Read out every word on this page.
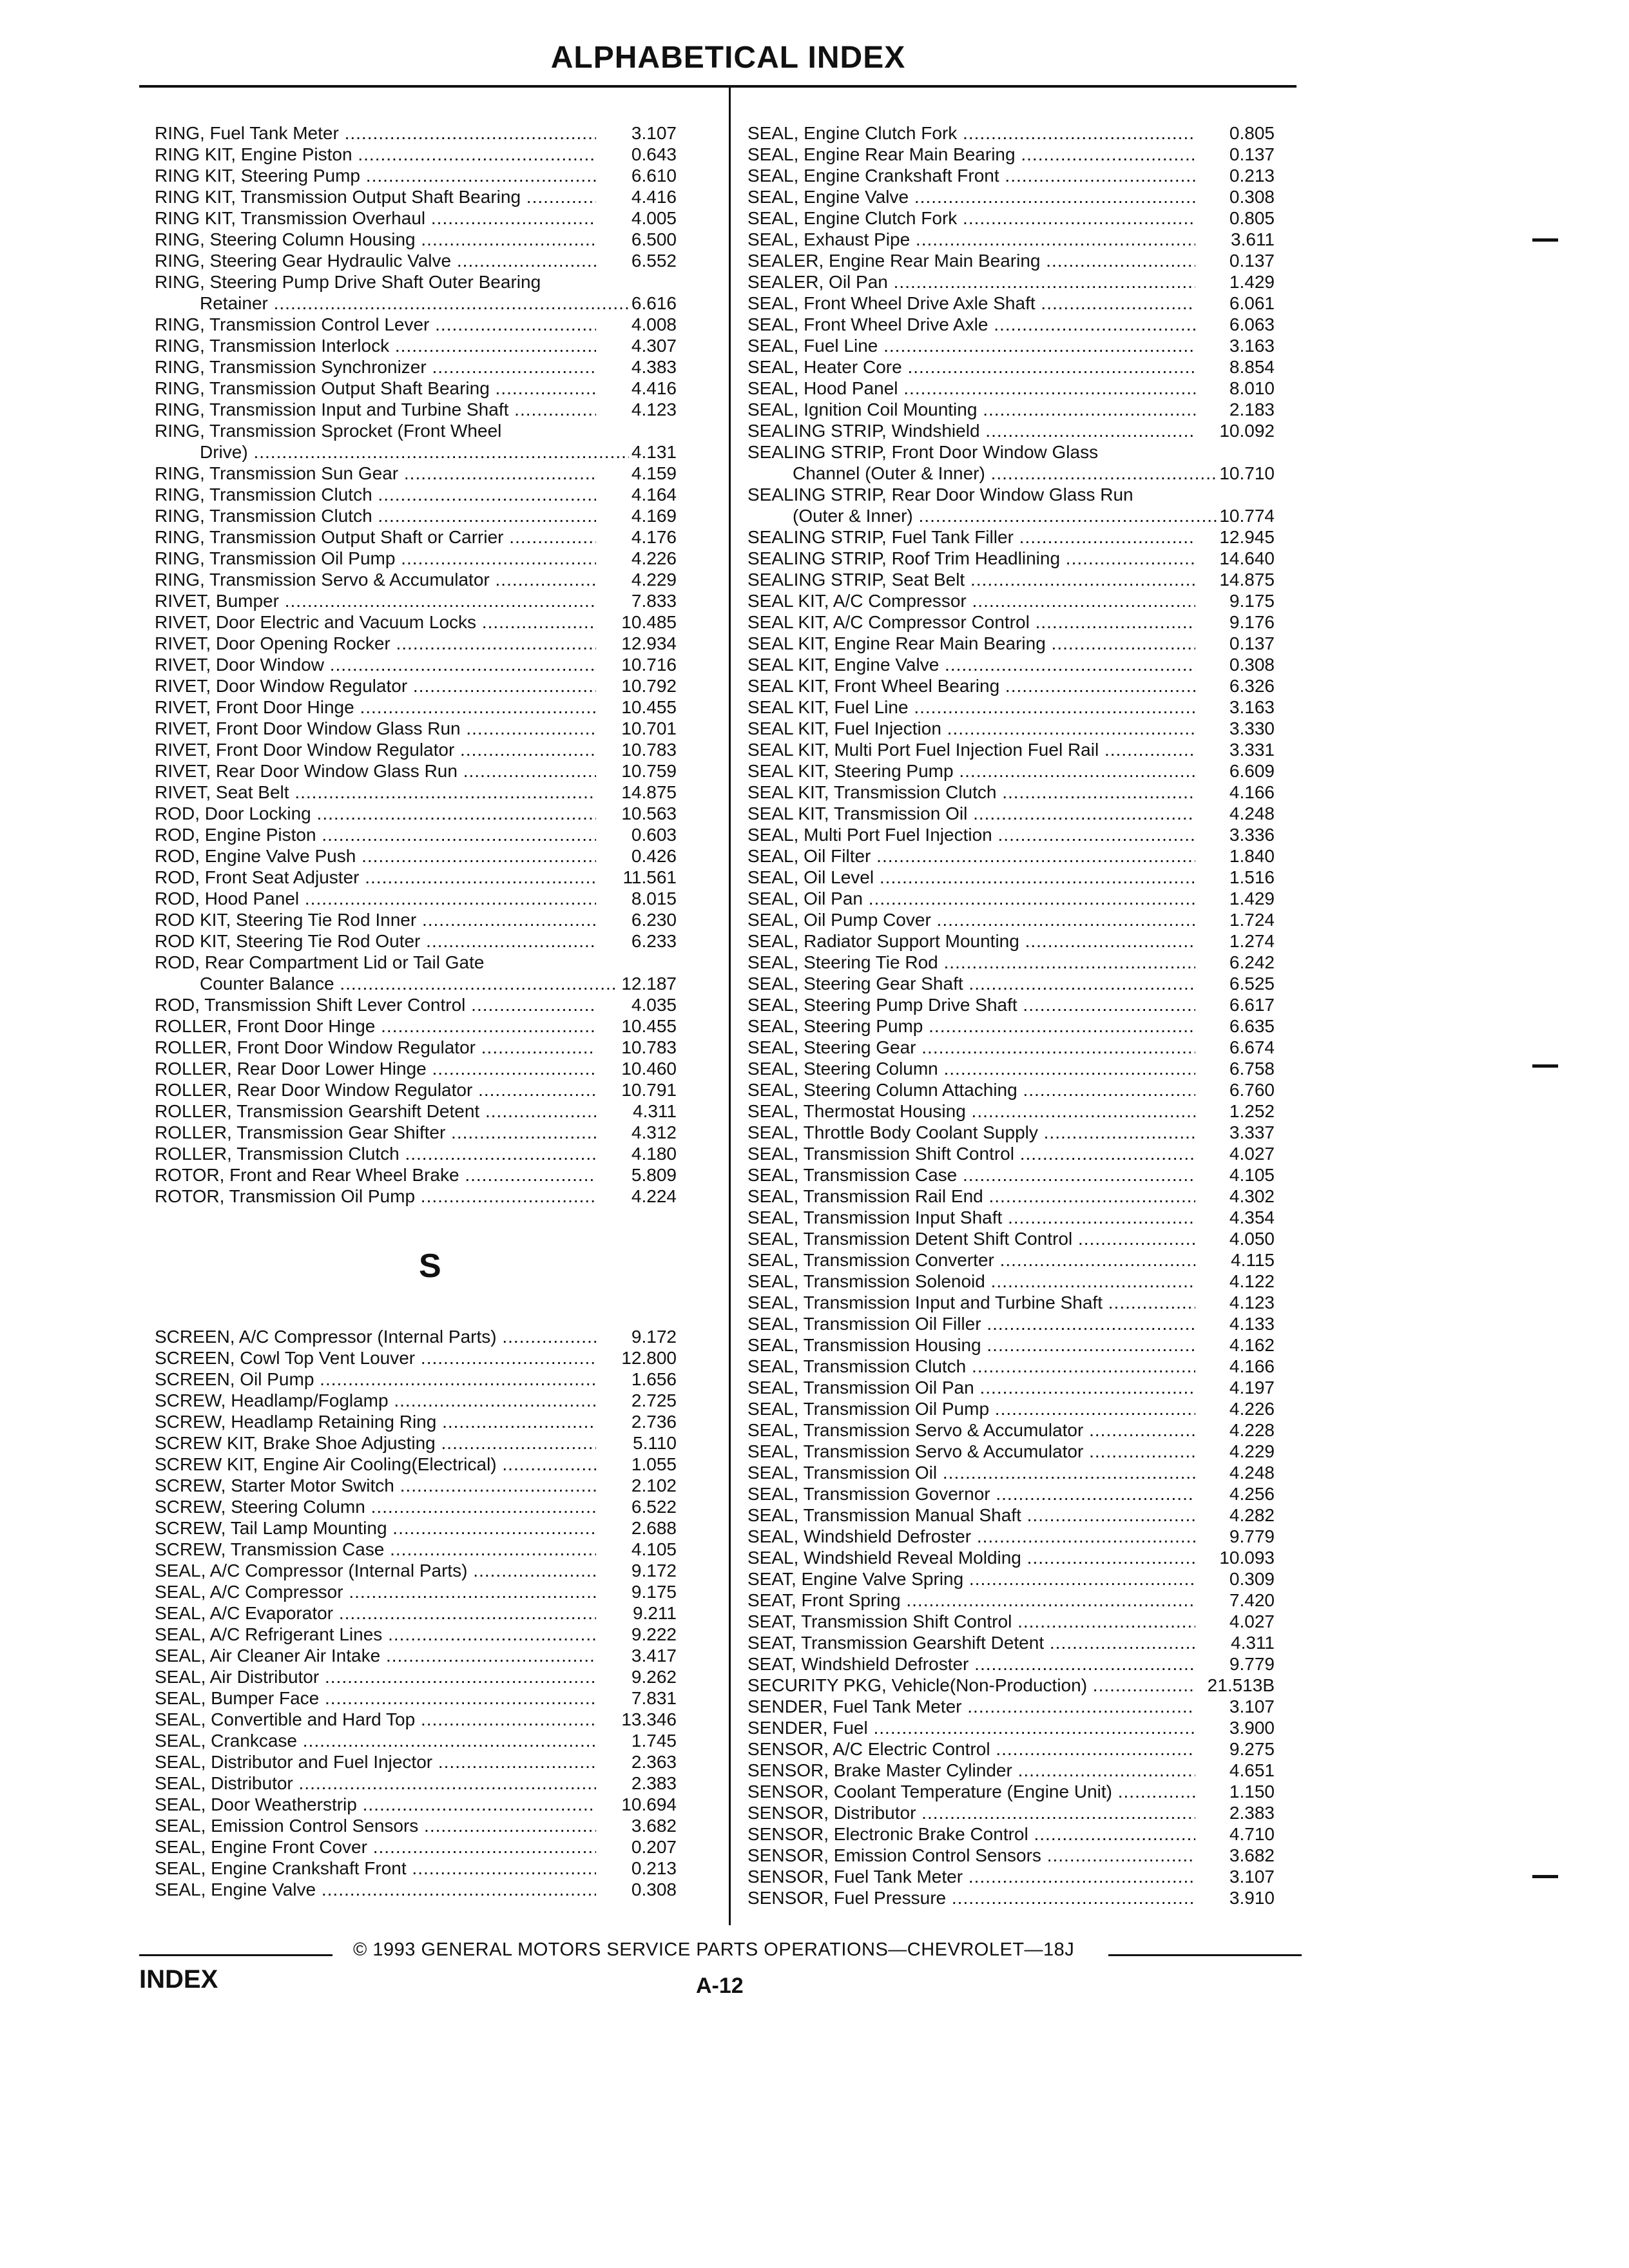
ALPHABETICAL INDEX
RING, Fuel Tank Meter .....	3.107
RING KIT, Engine Piston .....	0.643
RING KIT, Steering Pump .....	6.610
RING KIT, Transmission Output Shaft Bearing .....	4.416
RING KIT, Transmission Overhaul .....	4.005
RING, Steering Column Housing .....	6.500
RING, Steering Gear Hydraulic Valve .....	6.552
RING, Steering Pump Drive Shaft Outer Bearing
Retainer .....	6.616
RING, Transmission Control Lever .....	4.008
RING, Transmission Interlock .....	4.307
RING, Transmission Synchronizer .....	4.383
RING, Transmission Output Shaft Bearing .....	4.416
RING, Transmission Input and Turbine Shaft .....	4.123
RING, Transmission Sprocket (Front Wheel
Drive) .....	4.131
RING, Transmission Sun Gear .....	4.159
RING, Transmission Clutch .....	4.164
RING, Transmission Clutch .....	4.169
RING, Transmission Output Shaft or Carrier .....	4.176
RING, Transmission Oil Pump .....	4.226
RING, Transmission Servo & Accumulator .....	4.229
RIVET, Bumper .....	7.833
RIVET, Door Electric and Vacuum Locks .....	10.485
RIVET, Door Opening Rocker .....	12.934
RIVET, Door Window .....	10.716
RIVET, Door Window Regulator .....	10.792
RIVET, Front Door Hinge .....	10.455
RIVET, Front Door Window Glass Run .....	10.701
RIVET, Front Door Window Regulator .....	10.783
RIVET, Rear Door Window Glass Run .....	10.759
RIVET, Seat Belt .....	14.875
ROD, Door Locking .....	10.563
ROD, Engine Piston .....	0.603
ROD, Engine Valve Push .....	0.426
ROD, Front Seat Adjuster .....	11.561
ROD, Hood Panel .....	8.015
ROD KIT, Steering Tie Rod Inner .....	6.230
ROD KIT, Steering Tie Rod Outer .....	6.233
ROD, Rear Compartment Lid or Tail Gate
Counter Balance .....	12.187
ROD, Transmission Shift Lever Control .....	4.035
ROLLER, Front Door Hinge .....	10.455
ROLLER, Front Door Window Regulator .....	10.783
ROLLER, Rear Door Lower Hinge .....	10.460
ROLLER, Rear Door Window Regulator .....	10.791
ROLLER, Transmission Gearshift Detent .....	4.311
ROLLER, Transmission Gear Shifter .....	4.312
ROLLER, Transmission Clutch .....	4.180
ROTOR, Front and Rear Wheel Brake .....	5.809
ROTOR, Transmission Oil Pump .....	4.224

S

SCREEN, A/C Compressor (Internal Parts) .....	9.172
SCREEN, Cowl Top Vent Louver .....	12.800
SCREEN, Oil Pump .....	1.656
SCREW, Headlamp/Foglamp .....	2.725
SCREW, Headlamp Retaining Ring .....	2.736
SCREW KIT, Brake Shoe Adjusting .....	5.110
SCREW KIT, Engine Air Cooling(Electrical) .....	1.055
SCREW, Starter Motor Switch .....	2.102
SCREW, Steering Column .....	6.522
SCREW, Tail Lamp Mounting .....	2.688
SCREW, Transmission Case .....	4.105
SEAL, A/C Compressor (Internal Parts) .....	9.172
SEAL, A/C Compressor .....	9.175
SEAL, A/C Evaporator .....	9.211
SEAL, A/C Refrigerant Lines .....	9.222
SEAL, Air Cleaner Air Intake .....	3.417
SEAL, Air Distributor .....	9.262
SEAL, Bumper Face .....	7.831
SEAL, Convertible and Hard Top .....	13.346
SEAL, Crankcase .....	1.745
SEAL, Distributor and Fuel Injector .....	2.363
SEAL, Distributor .....	2.383
SEAL, Door Weatherstrip .....	10.694
SEAL, Emission Control Sensors .....	3.682
SEAL, Engine Front Cover .....	0.207
SEAL, Engine Crankshaft Front .....	0.213
SEAL, Engine Valve .....	0.308
SEAL, Engine Clutch Fork .....	0.805
SEAL, Engine Rear Main Bearing .....	0.137
SEAL, Engine Crankshaft Front .....	0.213
SEAL, Engine Valve .....	0.308
SEAL, Engine Clutch Fork .....	0.805
SEAL, Exhaust Pipe .....	3.611
SEALER, Engine Rear Main Bearing .....	0.137
SEALER, Oil Pan .....	1.429
SEAL, Front Wheel Drive Axle Shaft .....	6.061
SEAL, Front Wheel Drive Axle .....	6.063
SEAL, Fuel Line .....	3.163
SEAL, Heater Core .....	8.854
SEAL, Hood Panel .....	8.010
SEAL, Ignition Coil Mounting .....	2.183
SEALING STRIP, Windshield .....	10.092
SEALING STRIP, Front Door Window Glass
Channel (Outer & Inner) .....	10.710
SEALING STRIP, Rear Door Window Glass Run
(Outer & Inner) .....	10.774
SEALING STRIP, Fuel Tank Filler .....	12.945
SEALING STRIP, Roof Trim Headlining .....	14.640
SEALING STRIP, Seat Belt .....	14.875
SEAL KIT, A/C Compressor .....	9.175
SEAL KIT, A/C Compressor Control .....	9.176
SEAL KIT, Engine Rear Main Bearing .....	0.137
SEAL KIT, Engine Valve .....	0.308
SEAL KIT, Front Wheel Bearing .....	6.326
SEAL KIT, Fuel Line .....	3.163
SEAL KIT, Fuel Injection .....	3.330
SEAL KIT, Multi Port Fuel Injection Fuel Rail .....	3.331
SEAL KIT, Steering Pump .....	6.609
SEAL KIT, Transmission Clutch .....	4.166
SEAL KIT, Transmission Oil .....	4.248
SEAL, Multi Port Fuel Injection .....	3.336
SEAL, Oil Filter .....	1.840
SEAL, Oil Level .....	1.516
SEAL, Oil Pan .....	1.429
SEAL, Oil Pump Cover .....	1.724
SEAL, Radiator Support Mounting .....	1.274
SEAL, Steering Tie Rod .....	6.242
SEAL, Steering Gear Shaft .....	6.525
SEAL, Steering Pump Drive Shaft .....	6.617
SEAL, Steering Pump .....	6.635
SEAL, Steering Gear .....	6.674
SEAL, Steering Column .....	6.758
SEAL, Steering Column Attaching .....	6.760
SEAL, Thermostat Housing .....	1.252
SEAL, Throttle Body Coolant Supply .....	3.337
SEAL, Transmission Shift Control .....	4.027
SEAL, Transmission Case .....	4.105
SEAL, Transmission Rail End .....	4.302
SEAL, Transmission Input Shaft .....	4.354
SEAL, Transmission Detent Shift Control .....	4.050
SEAL, Transmission Converter .....	4.115
SEAL, Transmission Solenoid .....	4.122
SEAL, Transmission Input and Turbine Shaft .....	4.123
SEAL, Transmission Oil Filler .....	4.133
SEAL, Transmission Housing .....	4.162
SEAL, Transmission Clutch .....	4.166
SEAL, Transmission Oil Pan .....	4.197
SEAL, Transmission Oil Pump .....	4.226
SEAL, Transmission Servo & Accumulator .....	4.228
SEAL, Transmission Servo & Accumulator .....	4.229
SEAL, Transmission Oil .....	4.248
SEAL, Transmission Governor .....	4.256
SEAL, Transmission Manual Shaft .....	4.282
SEAL, Windshield Defroster .....	9.779
SEAL, Windshield Reveal Molding .....	10.093
SEAT, Engine Valve Spring .....	0.309
SEAT, Front Spring .....	7.420
SEAT, Transmission Shift Control .....	4.027
SEAT, Transmission Gearshift Detent .....	4.311
SEAT, Windshield Defroster .....	9.779
SECURITY PKG, Vehicle(Non-Production) .....	21.513B
SENDER, Fuel Tank Meter .....	3.107
SENDER, Fuel .....	3.900
SENSOR, A/C Electric Control .....	9.275
SENSOR, Brake Master Cylinder .....	4.651
SENSOR, Coolant Temperature (Engine Unit) .....	1.150
SENSOR, Distributor .....	2.383
SENSOR, Electronic Brake Control .....	4.710
SENSOR, Emission Control Sensors .....	3.682
SENSOR, Fuel Tank Meter .....	3.107
SENSOR, Fuel Pressure .....	3.910

© 1993 GENERAL MOTORS SERVICE PARTS OPERATIONS—CHEVROLET—18J

INDEX	A-12
